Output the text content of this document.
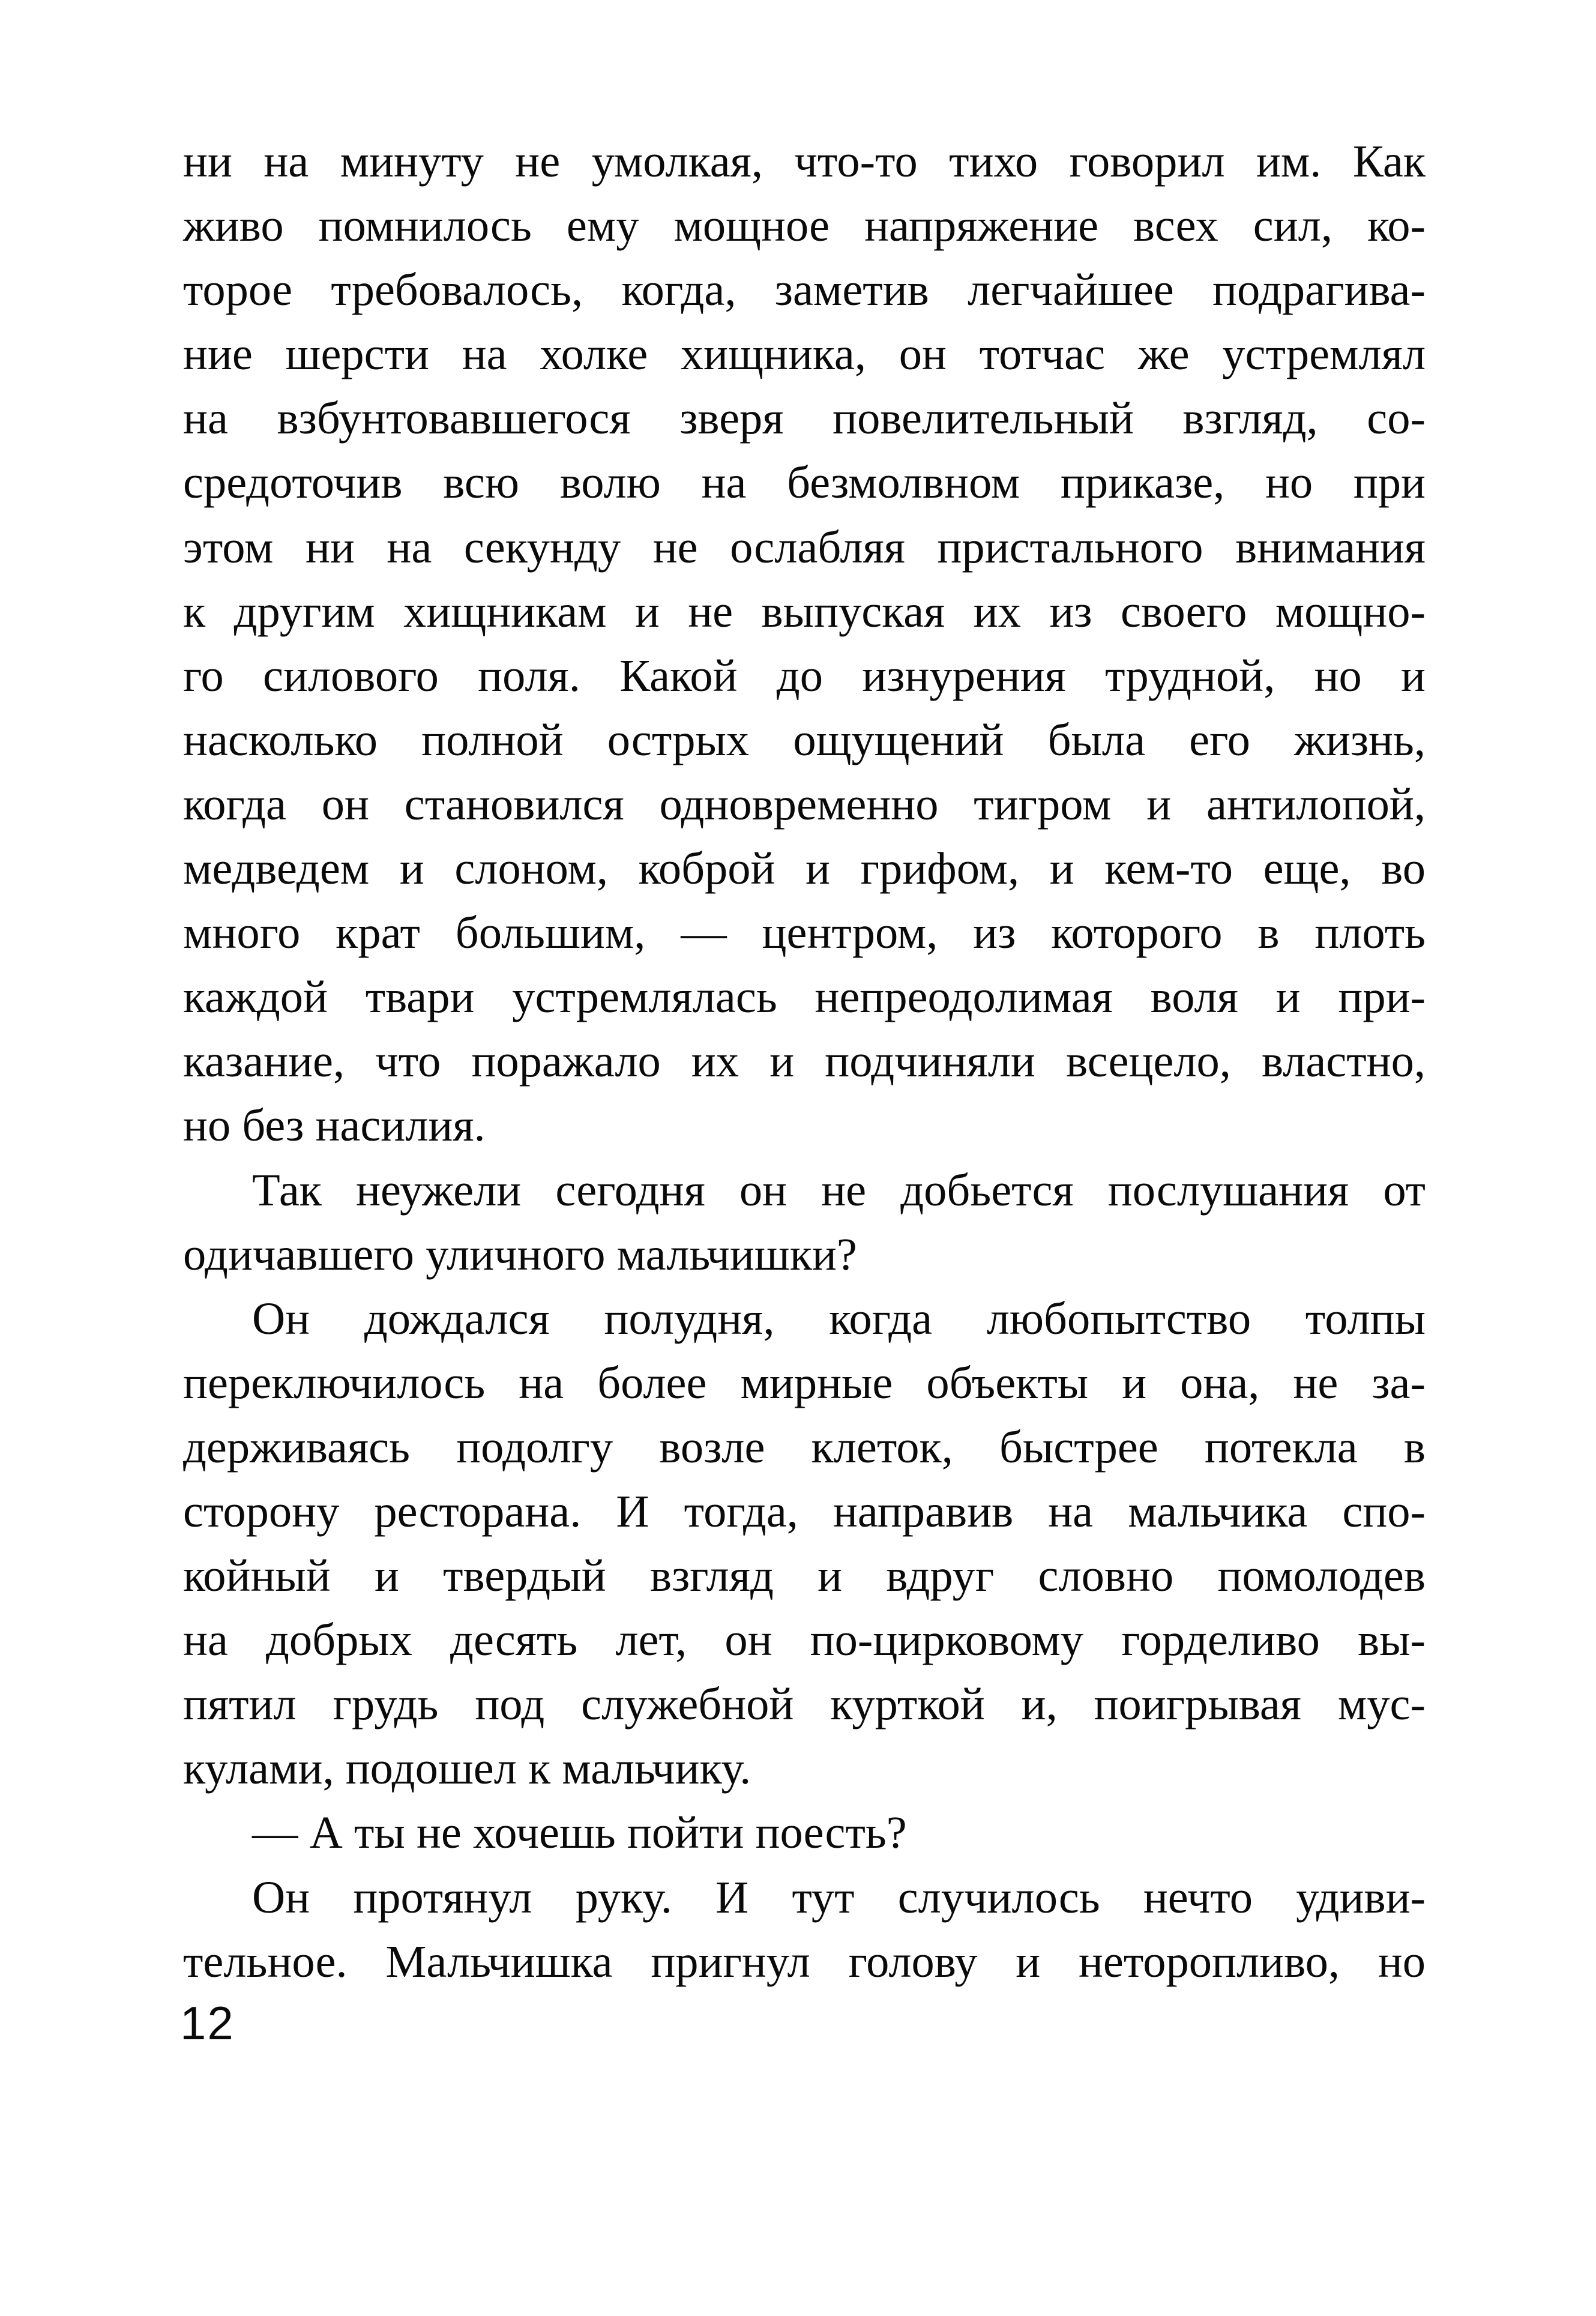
ни на минуту не умолкая, что-то тихо говорил им. Как
живо помнилось ему мощное напряжение всех сил, ко-
торое требовалось, когда, заметив легчайшее подрагива-
ние шерсти на холке хищника, он тотчас же устремлял
на взбунтовавшегося зверя повелительный взгляд, со-
средоточив всю волю на безмолвном приказе, но при
этом ни на секунду не ослабляя пристального внимания
к другим хищникам и не выпуская их из своего мощно-
го силового поля. Какой до изнурения трудной, но и
насколько полной острых ощущений была его жизнь,
когда он становился одновременно тигром и антилопой,
медведем и слоном, коброй и грифом, и кем-то еще, во
много крат большим, — центром, из которого в плоть
каждой твари устремлялась непреодолимая воля и при-
казание, что поражало их и подчиняли всецело, властно,
но без насилия.
Так неужели сегодня он не добьется послушания от
одичавшего уличного мальчишки?
Он дождался полудня, когда любопытство толпы
переключилось на более мирные объекты и она, не за-
держиваясь подолгу возле клеток, быстрее потекла в
сторону ресторана. И тогда, направив на мальчика спо-
койный и твердый взгляд и вдруг словно помолодев
на добрых десять лет, он по-цирковому горделиво вы-
пятил грудь под служебной курткой и, поигрывая мус-
кулами, подошел к мальчику.
— А ты не хочешь пойти поесть?
Он протянул руку. И тут случилось нечто удиви-
тельное. Мальчишка пригнул голову и неторопливо, но
12
